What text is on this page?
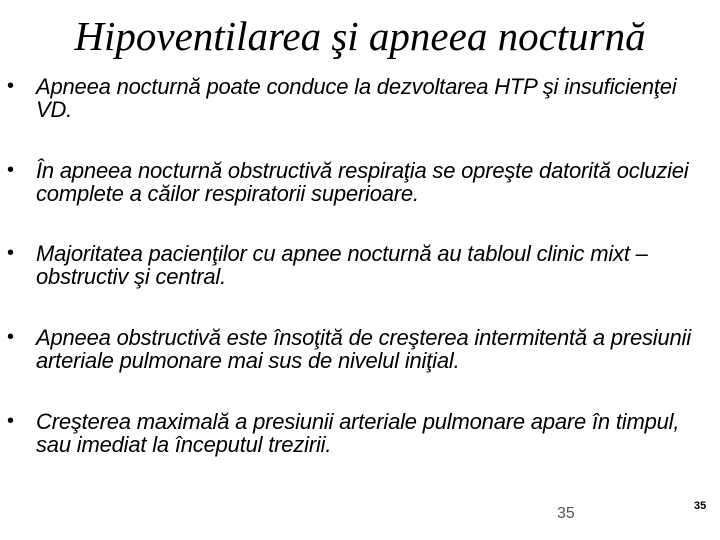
Hipoventilarea şi apneea nocturnă
• Apneea nocturnă poate conduce la dezvoltarea HTP şi insuficienţei VD.
• În apneea nocturnă obstructivă respiraţia se opreşte datorită ocluziei complete a căilor respiratorii superioare.
• Majoritatea pacienţilor cu apnee nocturnă au tabloul clinic mixt – obstructiv şi central.
• Apneea obstructivă este însoţită de creşterea intermitentă a presiunii arteriale pulmonare mai sus de nivelul iniţial.
• Creşterea maximală a presiunii arteriale pulmonare apare în timpul, sau imediat la începutul trezirii.
35	35
